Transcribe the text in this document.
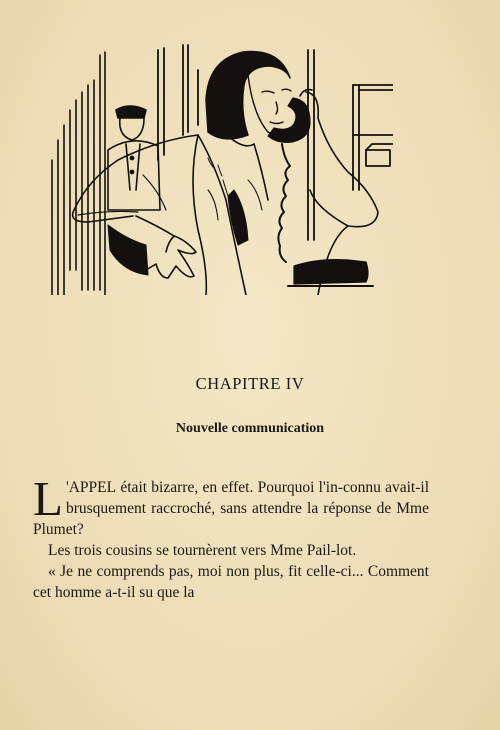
CHAPITRE IV
Nouvelle communication

L 'APPEL était bizarre, en effet. Pourquoi l'in-connu avait-il brusquement raccroché, sans attendre la réponse de Mme Plumet?

Les trois cousins se tournèrent vers Mme Pail-lot.

« Je ne comprends pas, moi non plus, fit celle-ci... Comment cet homme a-t-il su que la
